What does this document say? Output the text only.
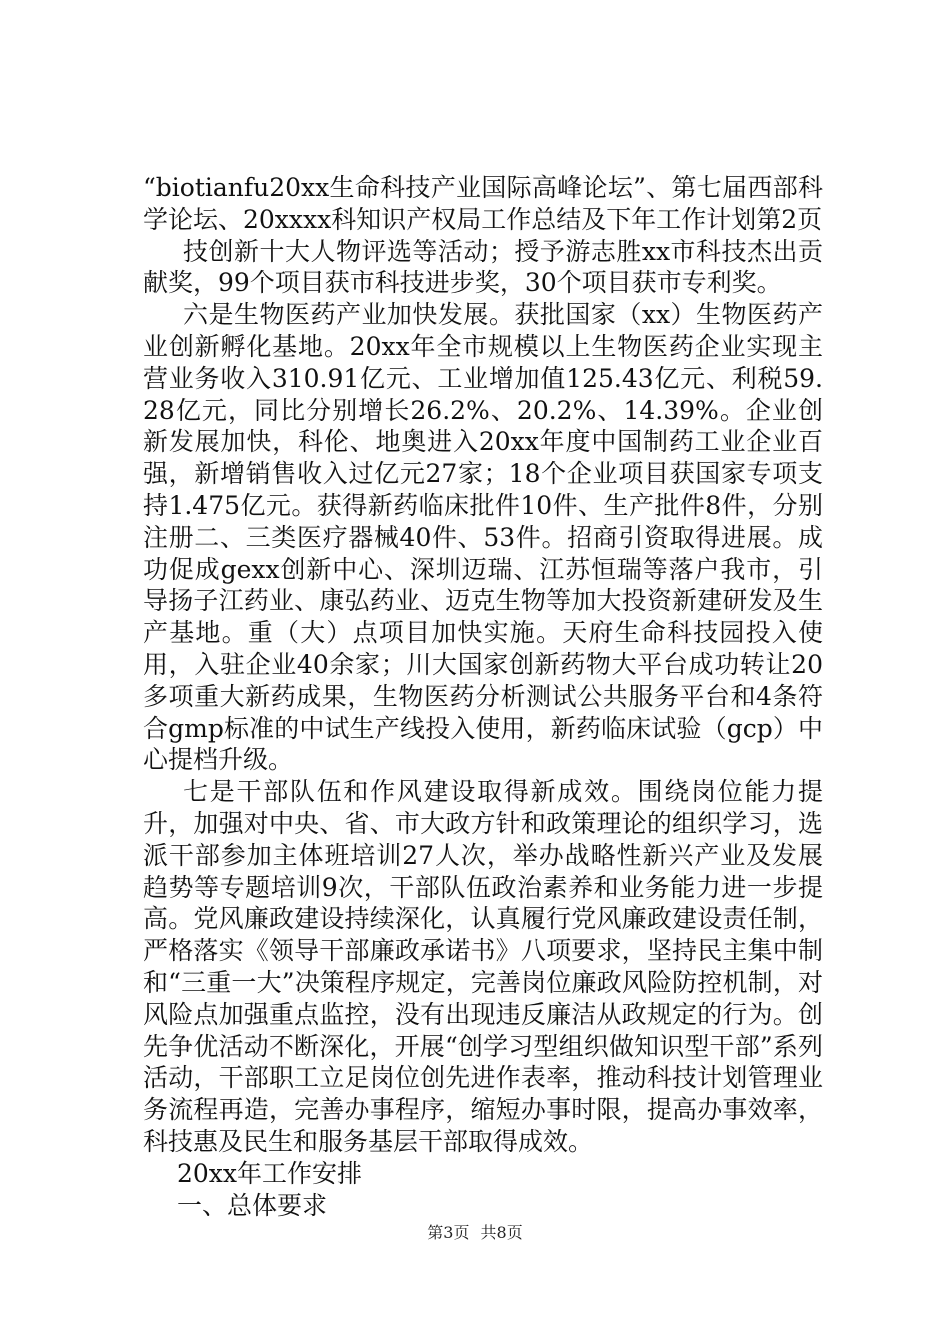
“biotianfu20xx生命科技产业国际高峰论坛”、第七届西部科学论坛、20xxxx科知识产权局工作总结及下年工作计划第2页

技创新十大人物评选等活动；授予游志胜xx市科技杰出贡献奖，99个项目获市科技进步奖，30个项目获市专利奖。

六是生物医药产业加快发展。获批国家（xx）生物医药产业创新孵化基地。20xx年全市规模以上生物医药企业实现主营业务收入310.91亿元、工业增加值125.43亿元、利税59.28亿元，同比分别增长26.2%、20.2%、14.39%。企业创新发展加快，科伦、地奥进入20xx年度中国制药工业企业百强，新增销售收入过亿元27家；18个企业项目获国家专项支持1.475亿元。获得新药临床批件10件、生产批件8件，分别注册二、三类医疗器械40件、53件。招商引资取得进展。成功促成gexx创新中心、深圳迈瑞、江苏恒瑞等落户我市，引导扬子江药业、康弘药业、迈克生物等加大投资新建研发及生产基地。重（大）点项目加快实施。天府生命科技园投入使用，入驻企业40余家；川大国家创新药物大平台成功转让20多项重大新药成果，生物医药分析测试公共服务平台和4条符合gmp标准的中试生产线投入使用，新药临床试验（gcp）中心提档升级。

七是干部队伍和作风建设取得新成效。围绕岗位能力提升，加强对中央、省、市大政方针和政策理论的组织学习，选派干部参加主体班培训27人次，举办战略性新兴产业及发展趋势等专题培训9次，干部队伍政治素养和业务能力进一步提高。党风廉政建设持续深化，认真履行党风廉政建设责任制，严格落实《领导干部廉政承诺书》八项要求，坚持民主集中制和“三重一大”决策程序规定，完善岗位廉政风险防控机制，对风险点加强重点监控，没有出现违反廉洁从政规定的行为。创先争优活动不断深化，开展“创学习型组织做知识型干部”系列活动，干部职工立足岗位创先进作表率，推动科技计划管理业务流程再造，完善办事程序，缩短办事时限，提高办事效率，科技惠及民生和服务基层干部取得成效。

20xx年工作安排

一、总体要求

第3页 共8页
